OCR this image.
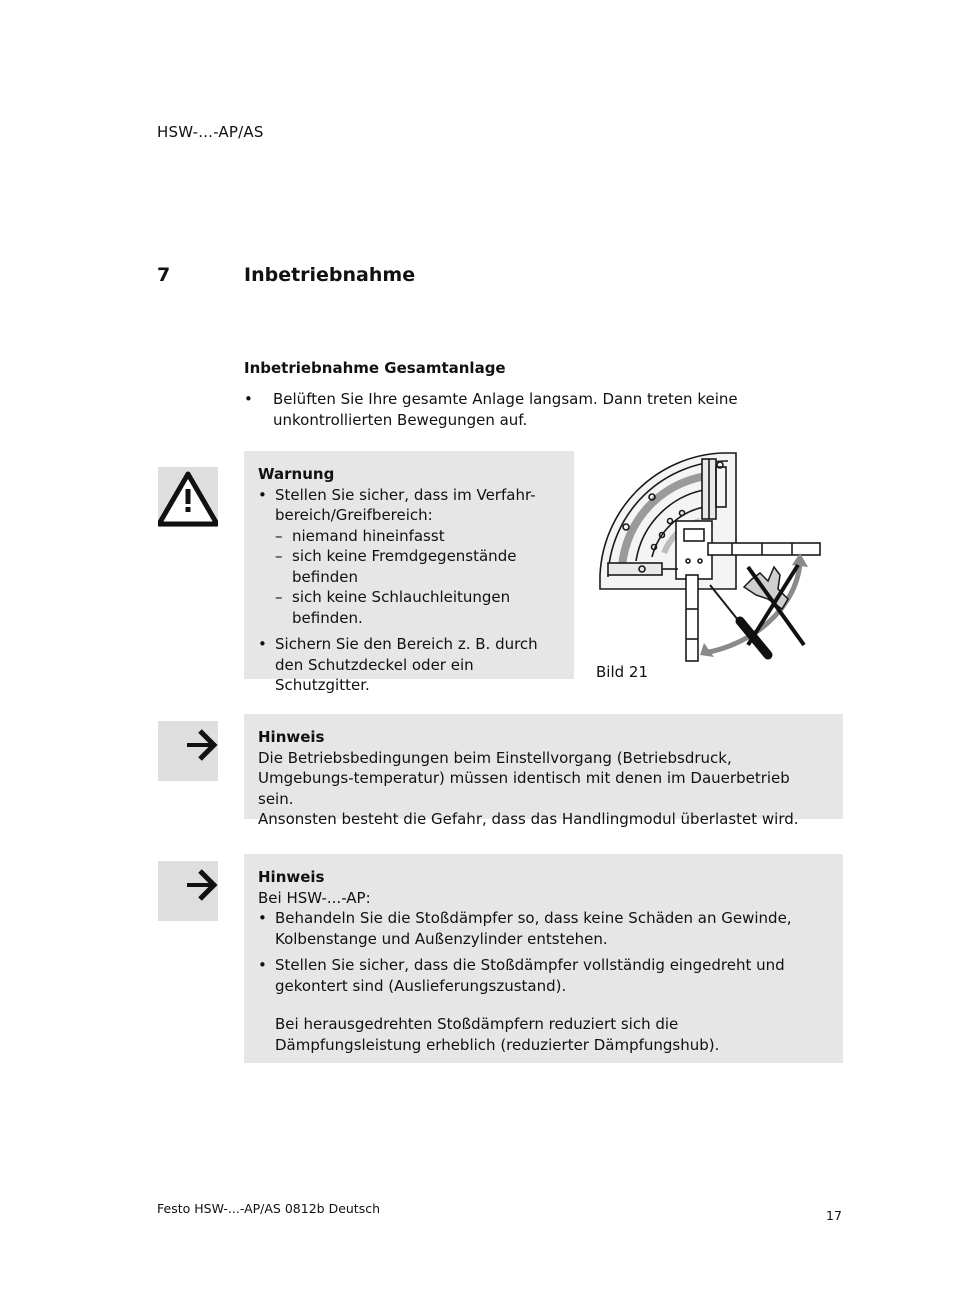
HSW-...-AP/AS
7	Inbetriebnahme
Inbetriebnahme Gesamtanlage
• Belüften Sie Ihre gesamte Anlage langsam. Dann treten keine unkontrollierten Bewegungen auf.
Warnung
• Stellen Sie sicher, dass im Verfahr-
bereich/Greifbereich:
– niemand hineinfasst
– sich keine Fremdgegenstände befinden
– sich keine Schlauchleitungen befinden.
• Sichern Sie den Bereich z. B. durch den Schutzdeckel oder ein Schutzgitter.
Bild 21
Hinweis

Die Betriebsbedingungen beim Einstellvorgang (Betriebsdruck, Umgebungs-temperatur) müssen identisch mit denen im Dauerbetrieb sein.

Ansonsten besteht die Gefahr, dass das Handlingmodul überlastet wird.

Hinweis

Bei HSW-...-AP:

• Behandeln Sie die Stoßdämpfer so, dass keine Schäden an Gewinde, Kolbenstange und Außenzylinder entstehen.
• Stellen Sie sicher, dass die Stoßdämpfer vollständig eingedreht und gekontert sind (Auslieferungszustand).
Bei herausgedrehten Stoßdämpfern reduziert sich die Dämpfungsleistung erheblich (reduzierter Dämpfungshub).
Festo HSW-...-AP/AS 0812b Deutsch	17
